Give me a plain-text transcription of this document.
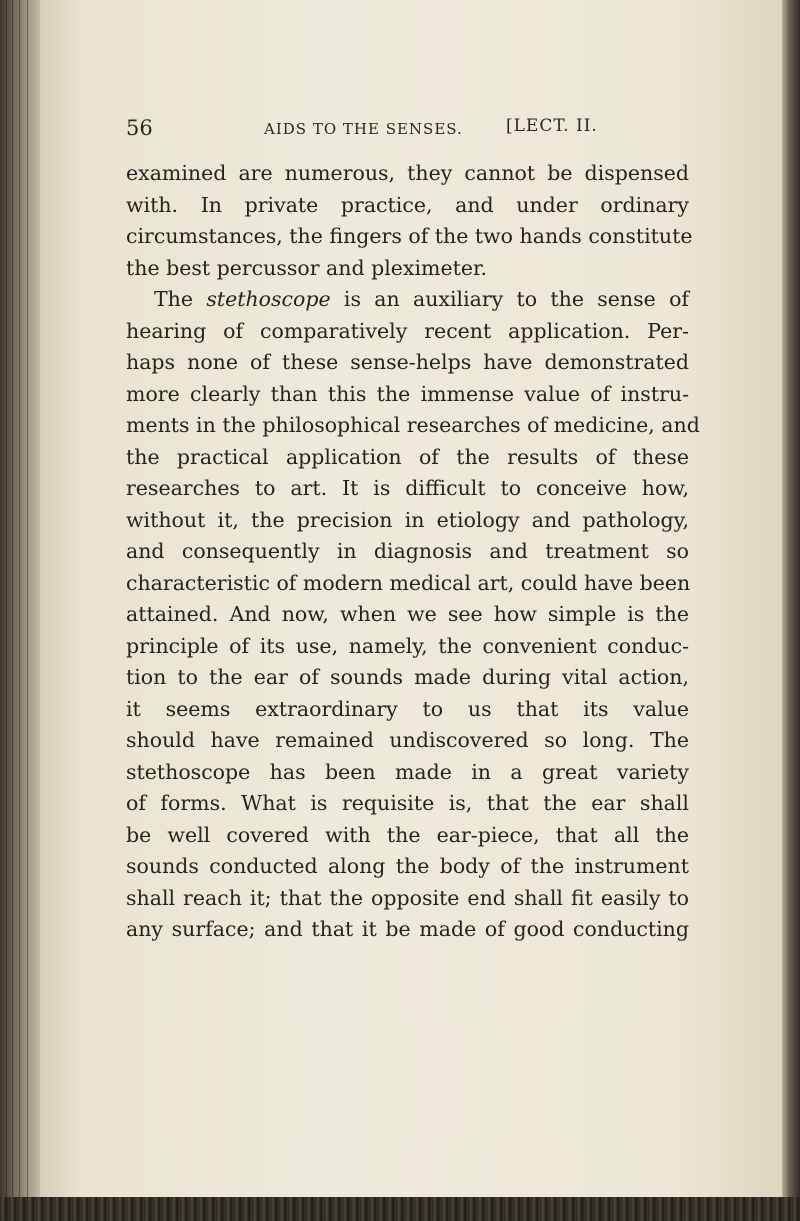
56	AIDS TO THE SENSES.	[LECT. II.
examined are numerous, they cannot be dispensed
with. In private practice, and under ordinary
circumstances, the fingers of the two hands constitute
the best percussor and pleximeter.
The stethoscope is an auxiliary to the sense of
hearing of comparatively recent application. Per-
haps none of these sense-helps have demonstrated
more clearly than this the immense value of instru-
ments in the philosophical researches of medicine, and
the practical application of the results of these
researches to art. It is difficult to conceive how,
without it, the precision in etiology and pathology,
and consequently in diagnosis and treatment so
characteristic of modern medical art, could have been
attained. And now, when we see how simple is the
principle of its use, namely, the convenient conduc-
tion to the ear of sounds made during vital action,
it seems extraordinary to us that its value
should have remained undiscovered so long. The
stethoscope has been made in a great variety
of forms. What is requisite is, that the ear shall
be well covered with the ear-piece, that all the
sounds conducted along the body of the instrument
shall reach it; that the opposite end shall fit easily to
any surface; and that it be made of good conducting
